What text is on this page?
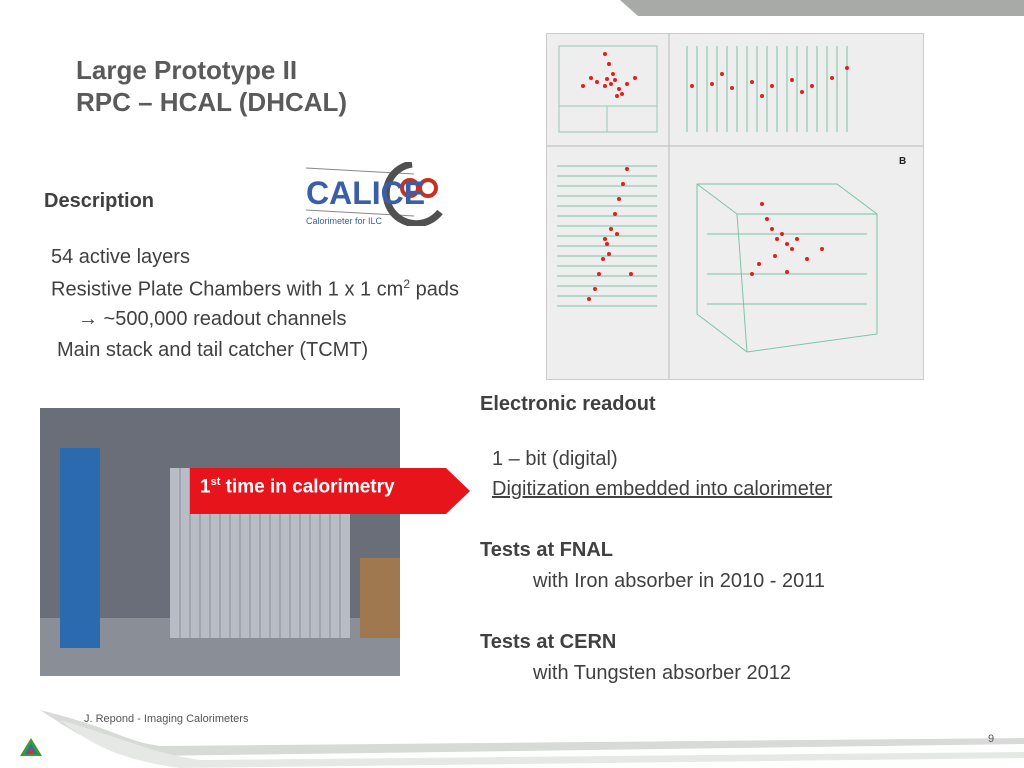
Large Prototype II
RPC – HCAL (DHCAL)
Description	CALICE
Calorimeter for ILC
54 active layers
Resistive Plate Chambers with 1 x 1 $cm^2$ pads
→ ~500,000 readout channels
Main stack and tail catcher (TCMT)
B
1st time in calorimetry
Electronic readout
1 – bit (digital)
Digitization embedded into calorimeter
Tests at FNAL
with Iron absorber in 2010 - 2011
Tests at CERN
with Tungsten absorber 2012
J. Repond - Imaging Calorimeters
9
